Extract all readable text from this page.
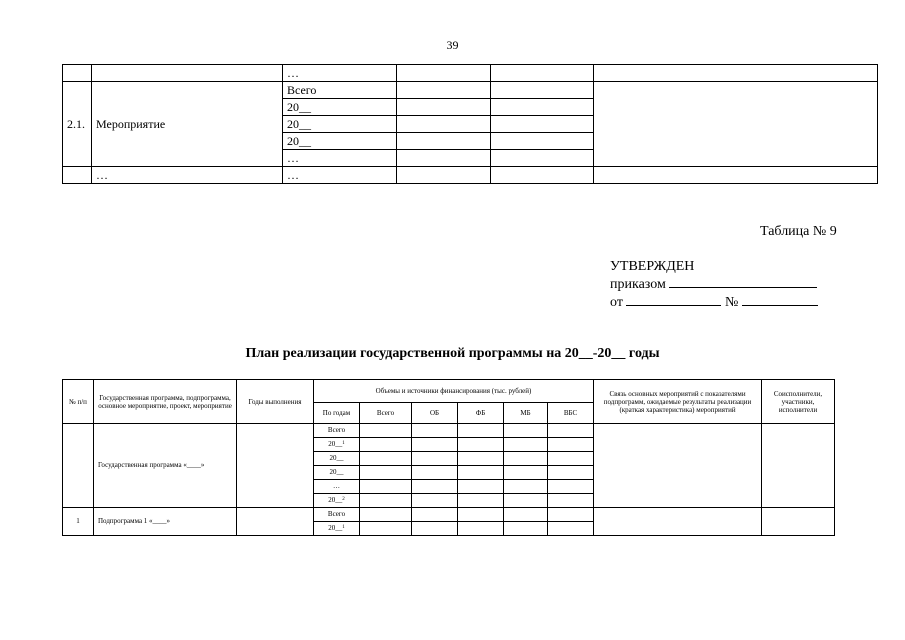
39
		…			
2.1.	Мероприятие	Всего			
		20__			
		20__			
		20__			
		…			
	…	…			
Таблица № 9
УТВЕРЖДЕН
приказом
от	№
План реализации государственной программы на 20__-20__ годы
№ п/п	Государственная программа, подпрограмма, основное мероприятие, проект, мероприятие	Годы выполнения	Объемы и источники финансирования (тыс. рублей)						Связь основных мероприятий с показателями подпрограмм, ожидаемые результаты реализации (краткая характеристика) мероприятий	Соисполнители, участники, исполнители
			По годам	Всего	ОБ	ФБ	МБ	ВБС		
	Государственная программа «____»		Всего							
			20__$^1$					
			20__							
			20__							
			…							
			20__$^2$					
1	Подпрограмма 1 «____»		Всего							
			20__$^1$					
